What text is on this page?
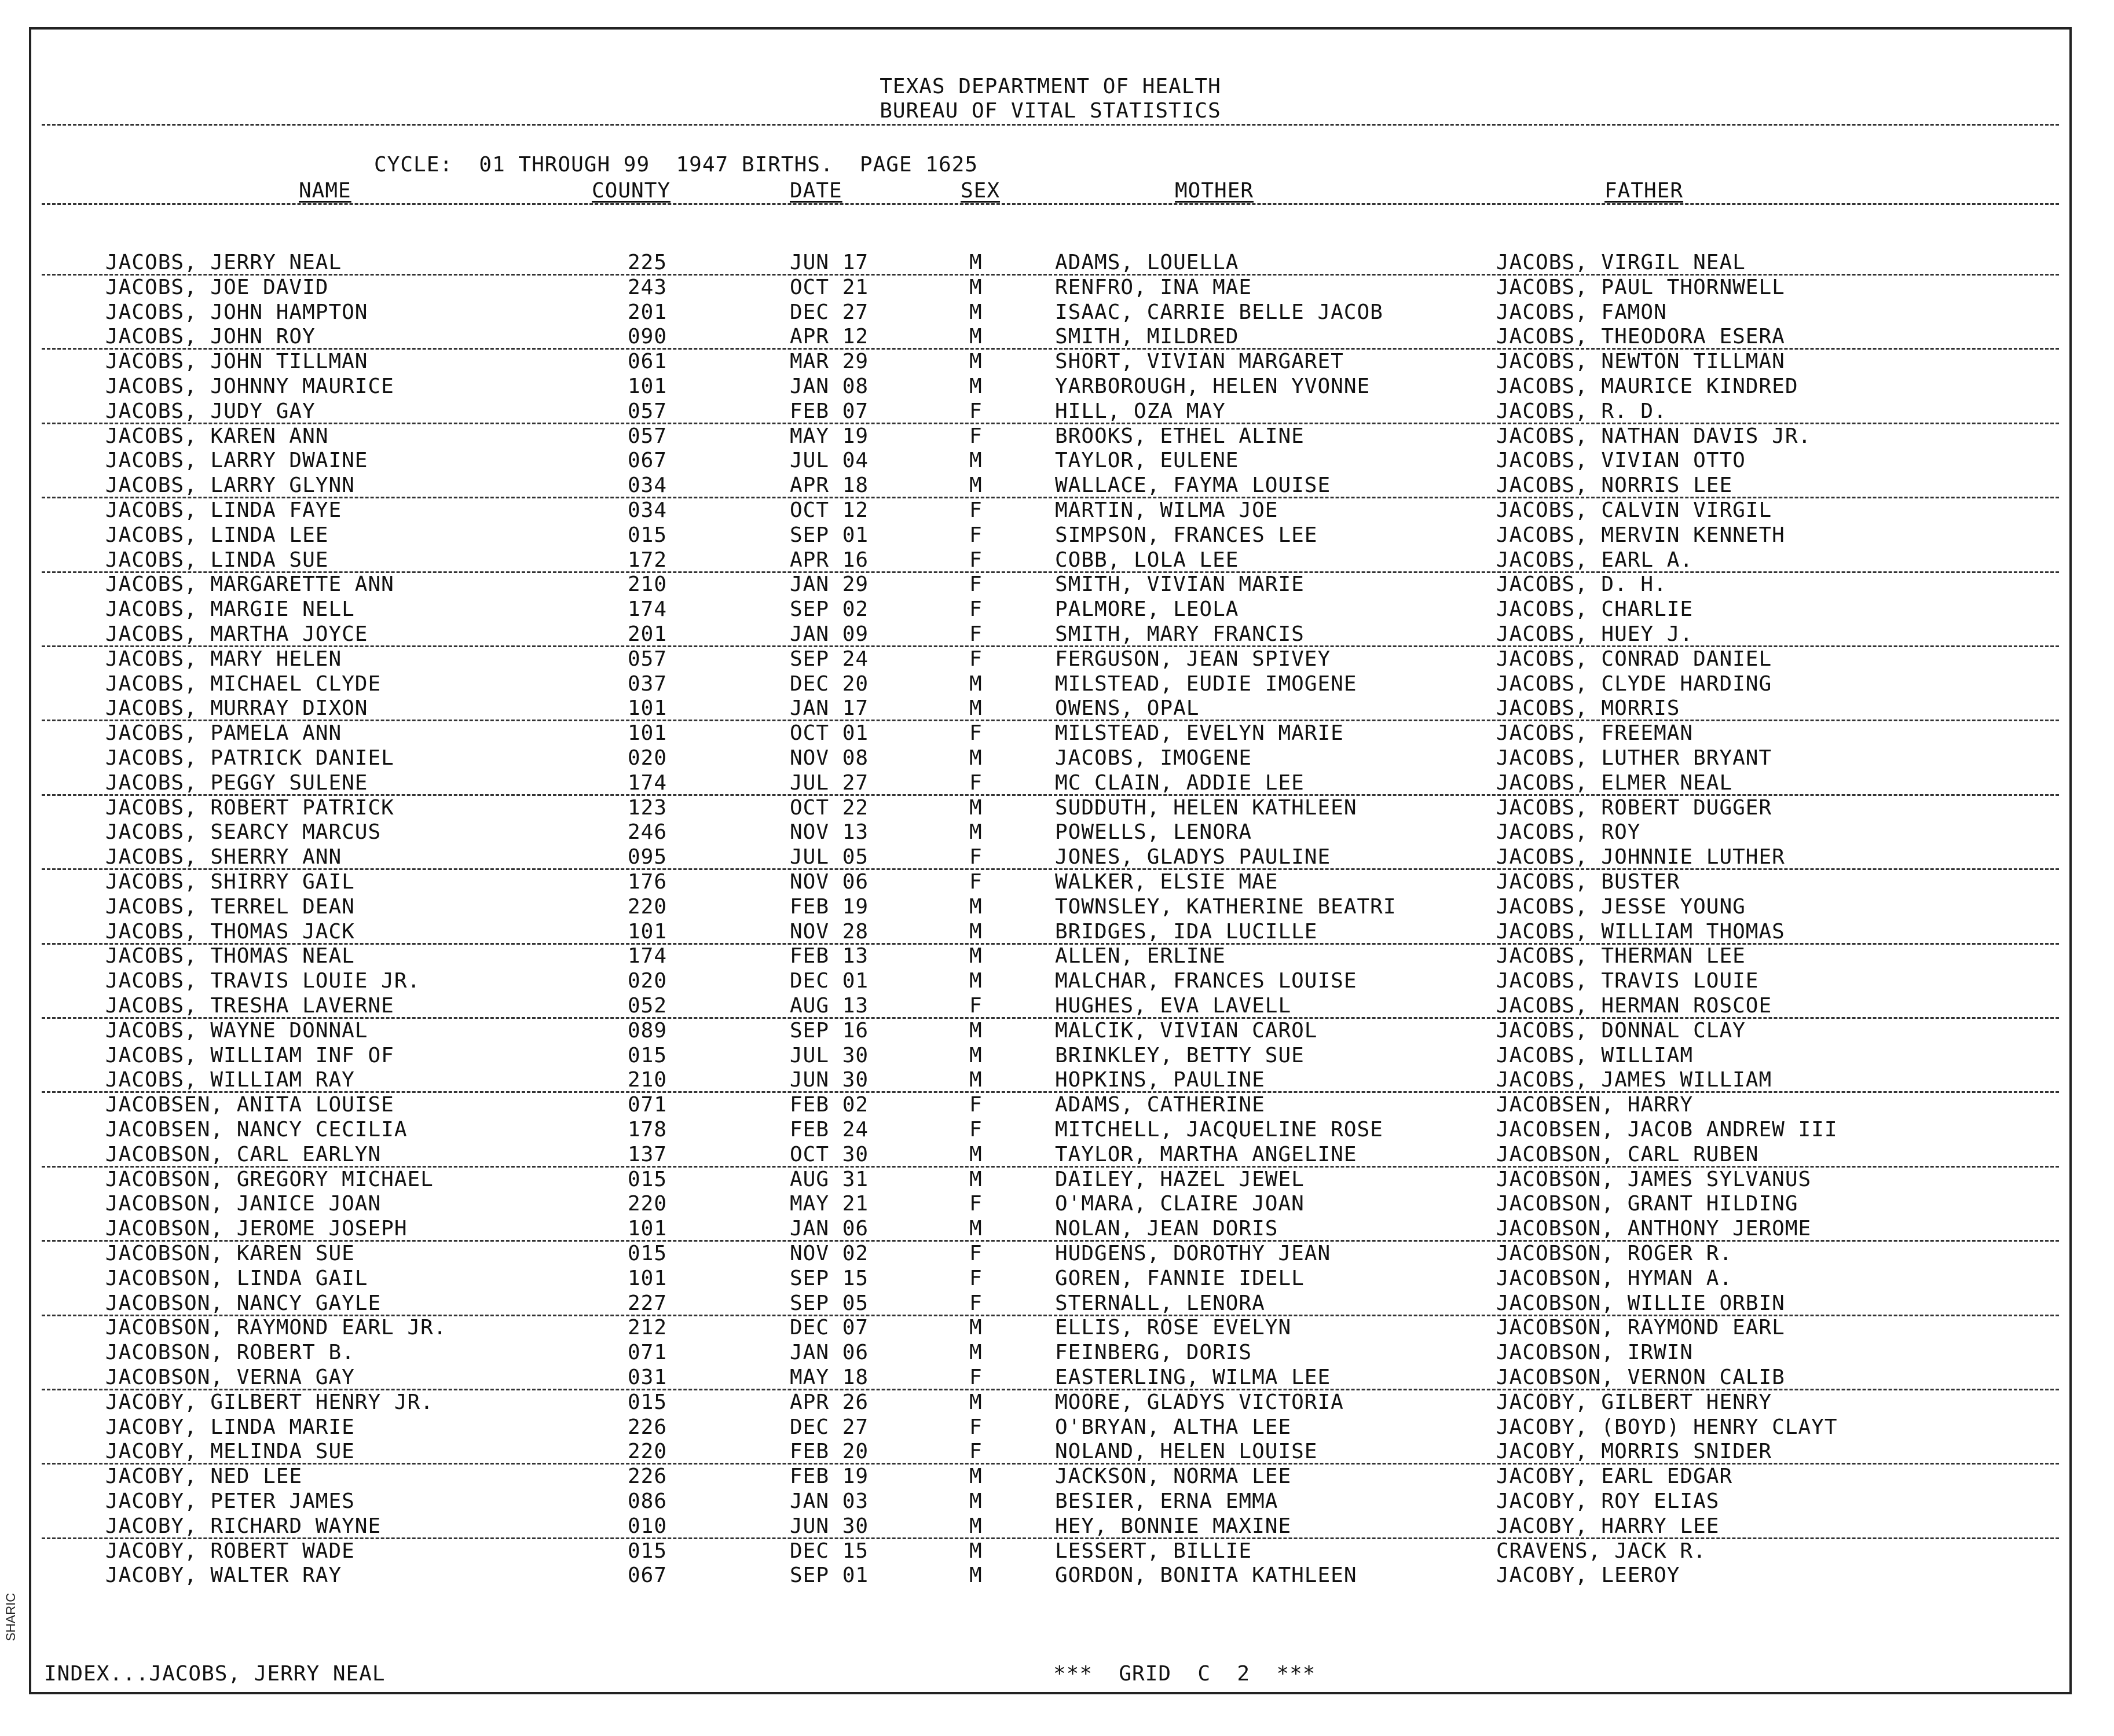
TEXAS DEPARTMENT OF HEALTH
BUREAU OF VITAL STATISTICS
CYCLE:  01 THROUGH 99  1947 BIRTHS.  PAGE 1625
NAME	COUNTY	DATE	SEX	MOTHER	FATHER
JACOBS, JERRY NEAL	225	JUN 17	M	ADAMS, LOUELLA	JACOBS, VIRGIL NEAL
JACOBS, JOE DAVID	243	OCT 21	M	RENFRO, INA MAE	JACOBS, PAUL THORNWELL
JACOBS, JOHN HAMPTON	201	DEC 27	M	ISAAC, CARRIE BELLE JACOB	JACOBS, FAMON
JACOBS, JOHN ROY	090	APR 12	M	SMITH, MILDRED	JACOBS, THEODORA ESERA
JACOBS, JOHN TILLMAN	061	MAR 29	M	SHORT, VIVIAN MARGARET	JACOBS, NEWTON TILLMAN
JACOBS, JOHNNY MAURICE	101	JAN 08	M	YARBOROUGH, HELEN YVONNE	JACOBS, MAURICE KINDRED
JACOBS, JUDY GAY	057	FEB 07	F	HILL, OZA MAY	JACOBS, R. D.
JACOBS, KAREN ANN	057	MAY 19	F	BROOKS, ETHEL ALINE	JACOBS, NATHAN DAVIS JR.
JACOBS, LARRY DWAINE	067	JUL 04	M	TAYLOR, EULENE	JACOBS, VIVIAN OTTO
JACOBS, LARRY GLYNN	034	APR 18	M	WALLACE, FAYMA LOUISE	JACOBS, NORRIS LEE
JACOBS, LINDA FAYE	034	OCT 12	F	MARTIN, WILMA JOE	JACOBS, CALVIN VIRGIL
JACOBS, LINDA LEE	015	SEP 01	F	SIMPSON, FRANCES LEE	JACOBS, MERVIN KENNETH
JACOBS, LINDA SUE	172	APR 16	F	COBB, LOLA LEE	JACOBS, EARL A.
JACOBS, MARGARETTE ANN	210	JAN 29	F	SMITH, VIVIAN MARIE	JACOBS, D. H.
JACOBS, MARGIE NELL	174	SEP 02	F	PALMORE, LEOLA	JACOBS, CHARLIE
JACOBS, MARTHA JOYCE	201	JAN 09	F	SMITH, MARY FRANCIS	JACOBS, HUEY J.
JACOBS, MARY HELEN	057	SEP 24	F	FERGUSON, JEAN SPIVEY	JACOBS, CONRAD DANIEL
JACOBS, MICHAEL CLYDE	037	DEC 20	M	MILSTEAD, EUDIE IMOGENE	JACOBS, CLYDE HARDING
JACOBS, MURRAY DIXON	101	JAN 17	M	OWENS, OPAL	JACOBS, MORRIS
JACOBS, PAMELA ANN	101	OCT 01	F	MILSTEAD, EVELYN MARIE	JACOBS, FREEMAN
JACOBS, PATRICK DANIEL	020	NOV 08	M	JACOBS, IMOGENE	JACOBS, LUTHER BRYANT
JACOBS, PEGGY SULENE	174	JUL 27	F	MC CLAIN, ADDIE LEE	JACOBS, ELMER NEAL
JACOBS, ROBERT PATRICK	123	OCT 22	M	SUDDUTH, HELEN KATHLEEN	JACOBS, ROBERT DUGGER
JACOBS, SEARCY MARCUS	246	NOV 13	M	POWELLS, LENORA	JACOBS, ROY
JACOBS, SHERRY ANN	095	JUL 05	F	JONES, GLADYS PAULINE	JACOBS, JOHNNIE LUTHER
JACOBS, SHIRRY GAIL	176	NOV 06	F	WALKER, ELSIE MAE	JACOBS, BUSTER
JACOBS, TERREL DEAN	220	FEB 19	M	TOWNSLEY, KATHERINE BEATRI	JACOBS, JESSE YOUNG
JACOBS, THOMAS JACK	101	NOV 28	M	BRIDGES, IDA LUCILLE	JACOBS, WILLIAM THOMAS
JACOBS, THOMAS NEAL	174	FEB 13	M	ALLEN, ERLINE	JACOBS, THERMAN LEE
JACOBS, TRAVIS LOUIE JR.	020	DEC 01	M	MALCHAR, FRANCES LOUISE	JACOBS, TRAVIS LOUIE
JACOBS, TRESHA LAVERNE	052	AUG 13	F	HUGHES, EVA LAVELL	JACOBS, HERMAN ROSCOE
JACOBS, WAYNE DONNAL	089	SEP 16	M	MALCIK, VIVIAN CAROL	JACOBS, DONNAL CLAY
JACOBS, WILLIAM INF OF	015	JUL 30	M	BRINKLEY, BETTY SUE	JACOBS, WILLIAM
JACOBS, WILLIAM RAY	210	JUN 30	M	HOPKINS, PAULINE	JACOBS, JAMES WILLIAM
JACOBSEN, ANITA LOUISE	071	FEB 02	F	ADAMS, CATHERINE	JACOBSEN, HARRY
JACOBSEN, NANCY CECILIA	178	FEB 24	F	MITCHELL, JACQUELINE ROSE	JACOBSEN, JACOB ANDREW III
JACOBSON, CARL EARLYN	137	OCT 30	M	TAYLOR, MARTHA ANGELINE	JACOBSON, CARL RUBEN
JACOBSON, GREGORY MICHAEL	015	AUG 31	M	DAILEY, HAZEL JEWEL	JACOBSON, JAMES SYLVANUS
JACOBSON, JANICE JOAN	220	MAY 21	F	O'MARA, CLAIRE JOAN	JACOBSON, GRANT HILDING
JACOBSON, JEROME JOSEPH	101	JAN 06	M	NOLAN, JEAN DORIS	JACOBSON, ANTHONY JEROME
JACOBSON, KAREN SUE	015	NOV 02	F	HUDGENS, DOROTHY JEAN	JACOBSON, ROGER R.
JACOBSON, LINDA GAIL	101	SEP 15	F	GOREN, FANNIE IDELL	JACOBSON, HYMAN A.
JACOBSON, NANCY GAYLE	227	SEP 05	F	STERNALL, LENORA	JACOBSON, WILLIE ORBIN
JACOBSON, RAYMOND EARL JR.	212	DEC 07	M	ELLIS, ROSE EVELYN	JACOBSON, RAYMOND EARL
JACOBSON, ROBERT B.	071	JAN 06	M	FEINBERG, DORIS	JACOBSON, IRWIN
JACOBSON, VERNA GAY	031	MAY 18	F	EASTERLING, WILMA LEE	JACOBSON, VERNON CALIB
JACOBY, GILBERT HENRY JR.	015	APR 26	M	MOORE, GLADYS VICTORIA	JACOBY, GILBERT HENRY
JACOBY, LINDA MARIE	226	DEC 27	F	O'BRYAN, ALTHA LEE	JACOBY, (BOYD) HENRY CLAYT
JACOBY, MELINDA SUE	220	FEB 20	F	NOLAND, HELEN LOUISE	JACOBY, MORRIS SNIDER
JACOBY, NED LEE	226	FEB 19	M	JACKSON, NORMA LEE	JACOBY, EARL EDGAR
JACOBY, PETER JAMES	086	JAN 03	M	BESIER, ERNA EMMA	JACOBY, ROY ELIAS
JACOBY, RICHARD WAYNE	010	JUN 30	M	HEY, BONNIE MAXINE	JACOBY, HARRY LEE
JACOBY, ROBERT WADE	015	DEC 15	M	LESSERT, BILLIE	CRAVENS, JACK R.
JACOBY, WALTER RAY	067	SEP 01	M	GORDON, BONITA KATHLEEN	JACOBY, LEEROY
INDEX...JACOBS, JERRY NEAL	***  GRID  C  2  ***
SHARIC
